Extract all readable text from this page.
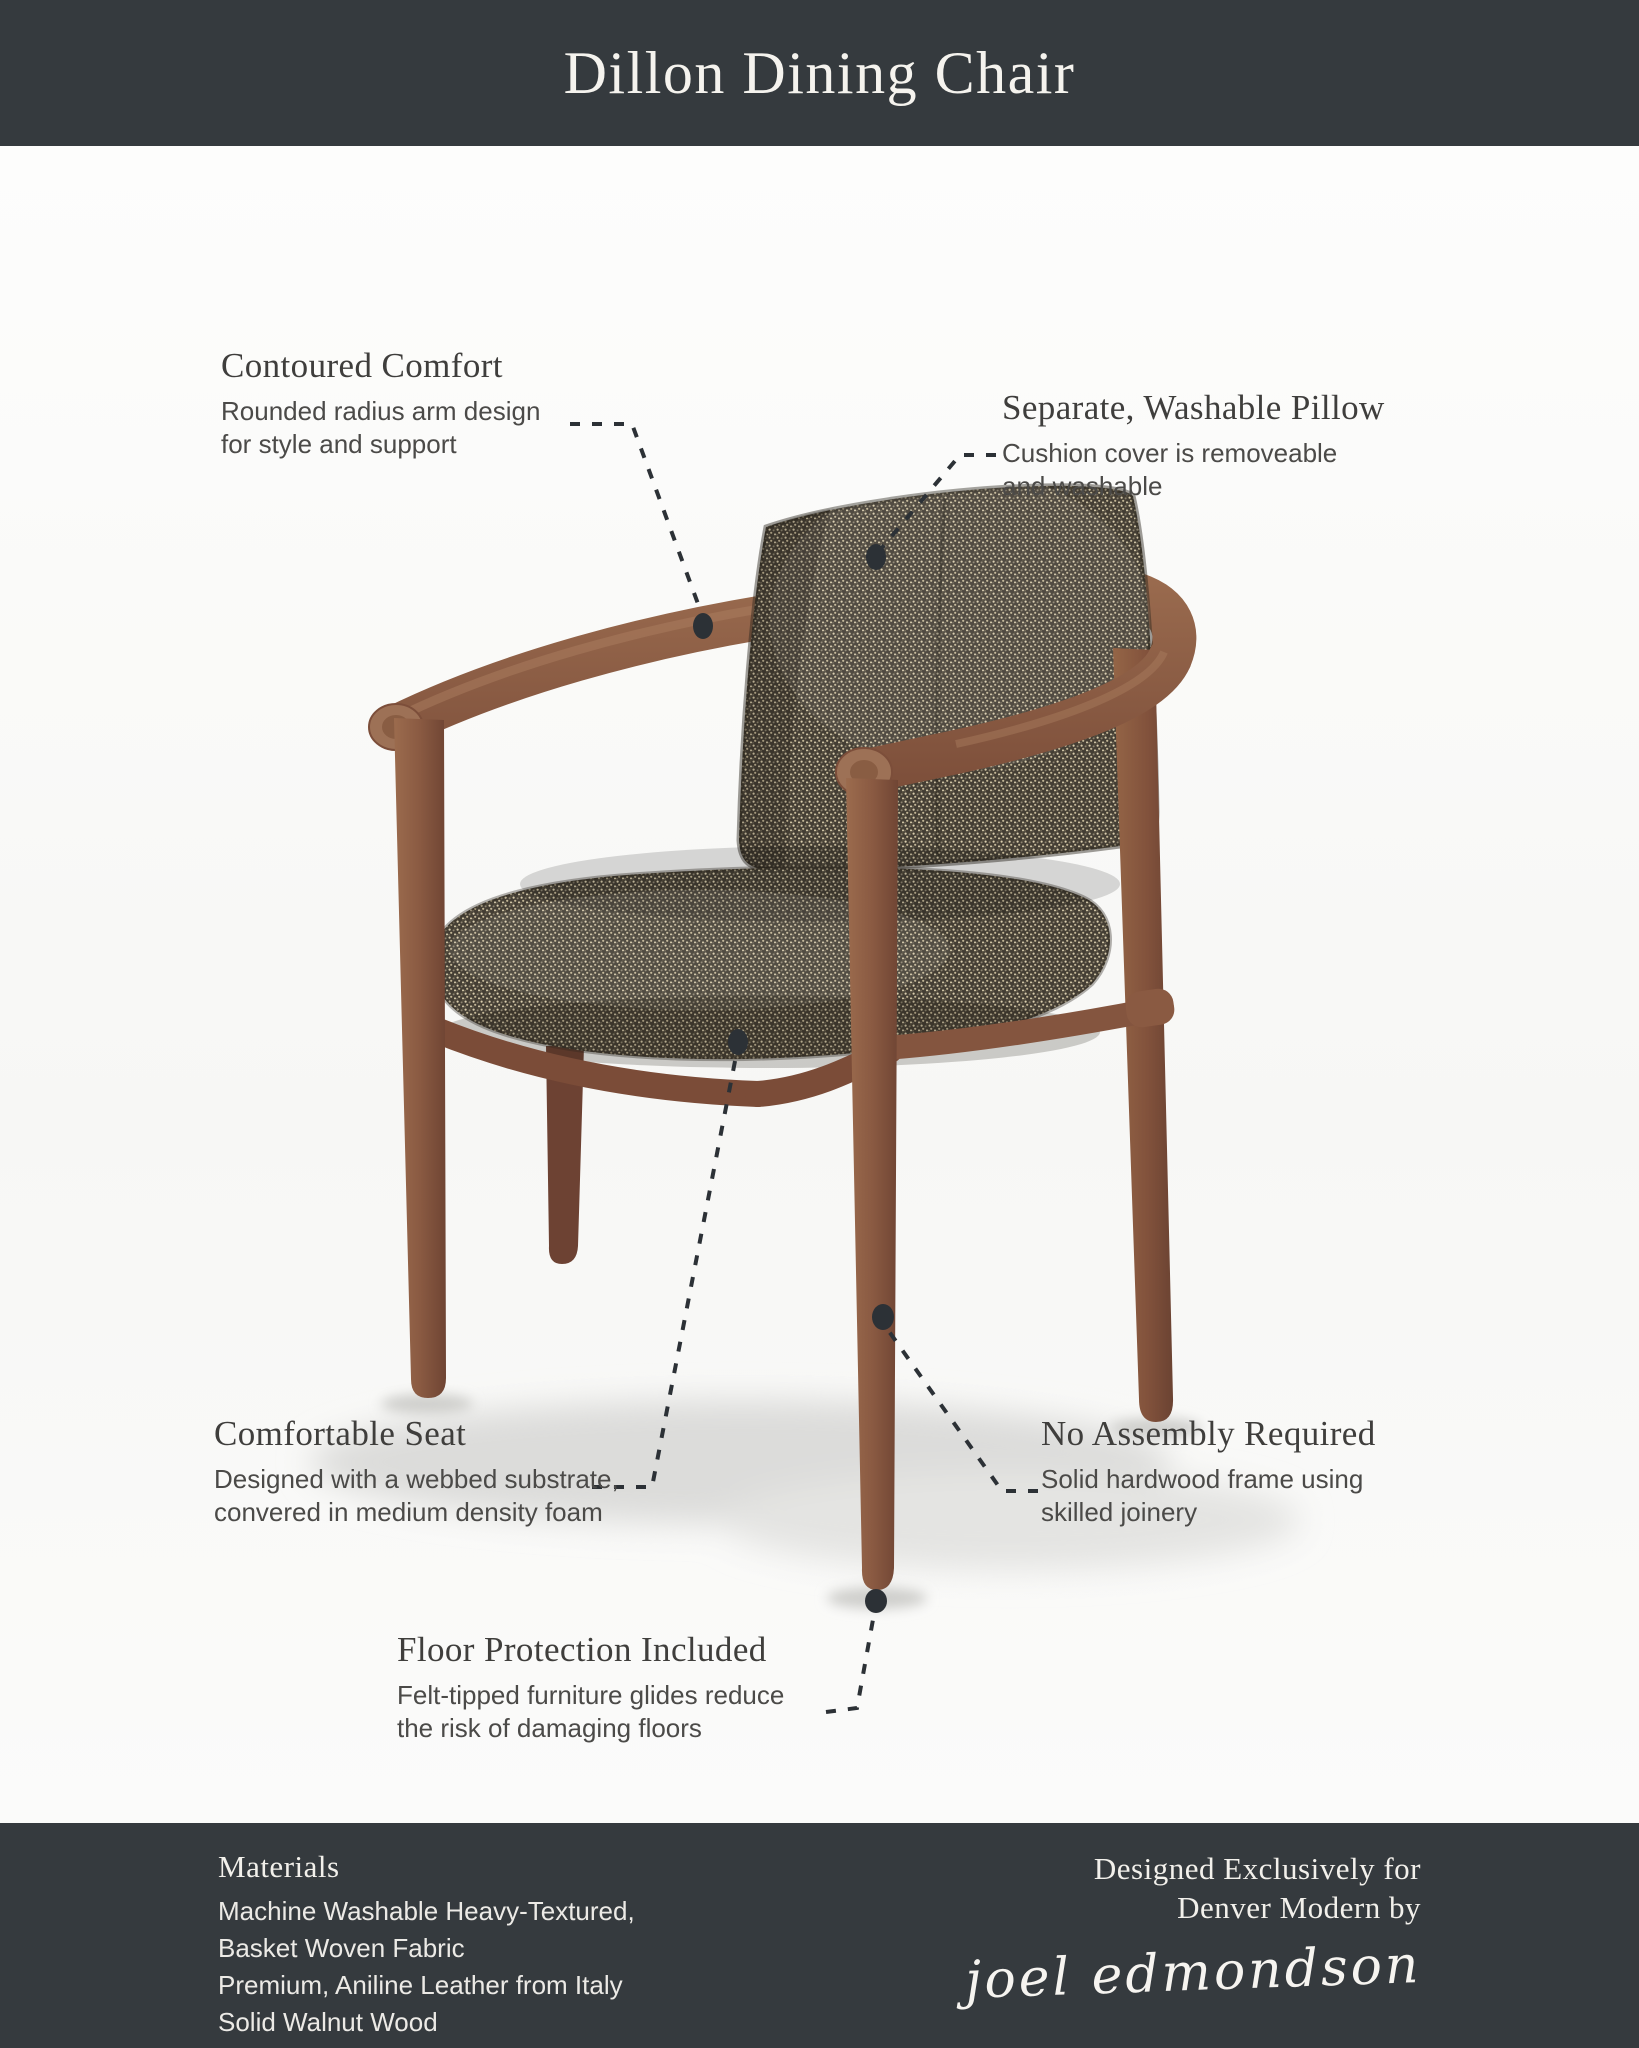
Dillon Dining Chair
Contoured Comfort
Rounded radius arm design
for style and support
Separate, Washable Pillow
Cushion cover is removeable
and washable
Comfortable Seat
Designed with a webbed substrate,
convered in medium density foam
No Assembly Required
Solid hardwood frame using
skilled joinery
Floor Protection Included
Felt-tipped furniture glides reduce
the risk of damaging floors
Materials
Machine Washable Heavy-Textured,
Basket Woven Fabric
Premium, Aniline Leather from Italy
Solid Walnut Wood
Designed Exclusively for
Denver Modern by
joel edmondson
